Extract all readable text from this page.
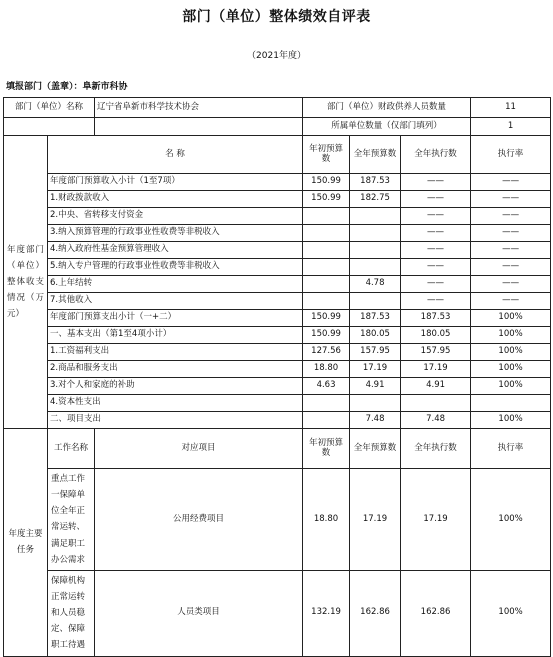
部门（单位）整体绩效自评表
（2021年度）
填报部门（盖章）：阜新市科协
部门（单位）名称		辽宁省阜新市科学技术协会	部门（单位）财政供养人员数量			11
			所属单位数量（仅部门填列）			1
年度部门（单位）整体收支情况（万元）	名 称		年初预算数	全年预算数	全年执行数	执行率
	年度部门预算收入小计（1至7项）		150.99	187.53	——	——
	1.财政拨款收入		150.99	182.75	——	——
	2.中央、省转移支付资金				——	——
	3.纳入预算管理的行政事业性收费等非税收入				——	——
	4.纳入政府性基金预算管理收入				——	——
	5.纳入专户管理的行政事业性收费等非税收入				——	——
	6.上年结转			4.78	——	——
	7.其他收入				——	——
	年度部门预算支出小计（一+二）		150.99	187.53	187.53	100%
	一、基本支出（第1至4项小计）		150.99	180.05	180.05	100%
	1.工资福利支出		127.56	157.95	157.95	100%
	2.商品和服务支出		18.80	17.19	17.19	100%
	3.对个人和家庭的补助		4.63	4.91	4.91	100%
	4.资本性支出					
	二、项目支出			7.48	7.48	100%
年度主要任务	工作名称	对应项目	年初预算数	全年预算数	全年执行数	执行率
	重点工作一保障单位全年正常运转、满足职工办公需求	公用经费项目	18.80	17.19	17.19	100%
	保障机构正常运转和人员稳定、保障职工待遇	人员类项目	132.19	162.86	162.86	100%
